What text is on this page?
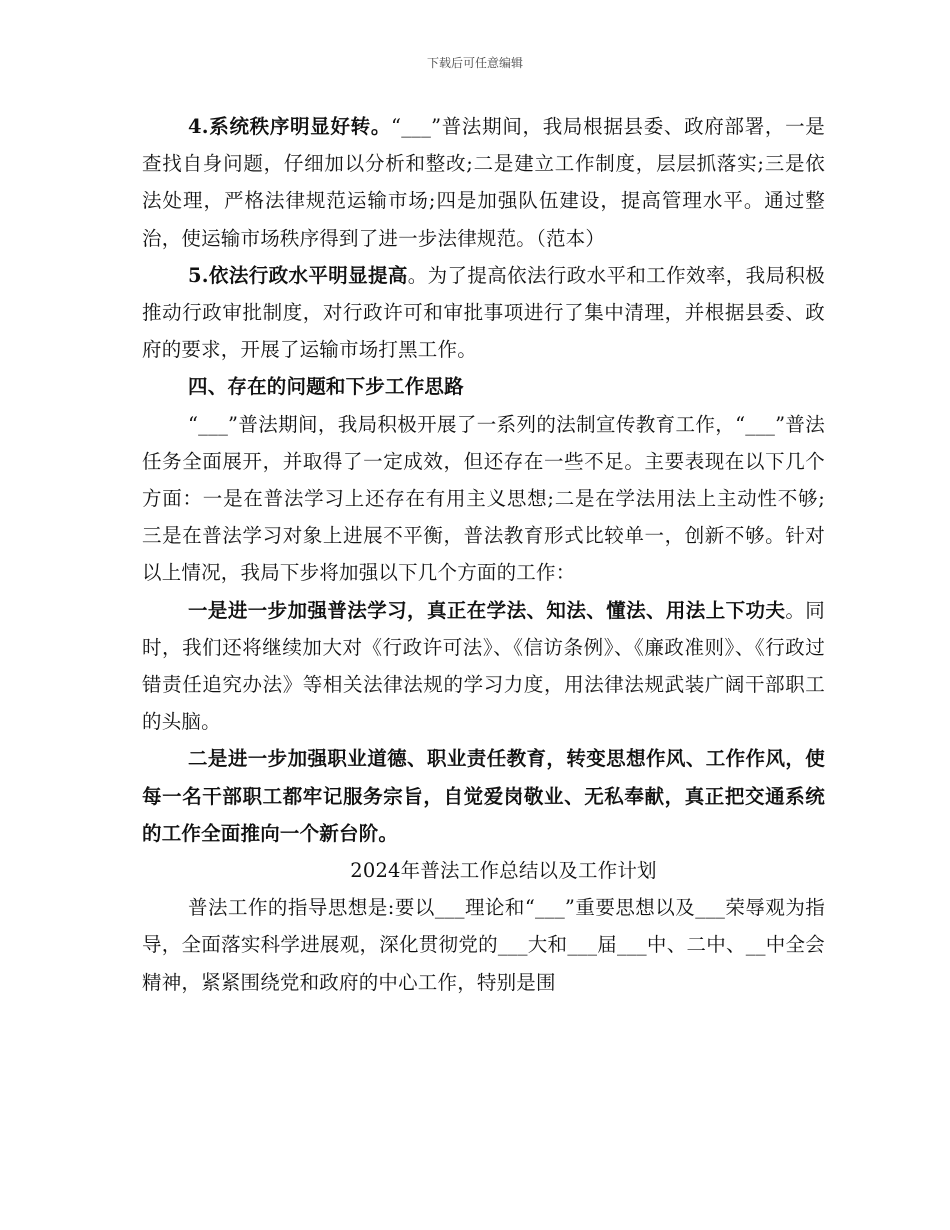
下载后可任意编辑

4.系统秩序明显好转。“___”普法期间，我局根据县委、政府部署，一是查找自身问题，仔细加以分析和整改;二是建立工作制度，层层抓落实;三是依法处理，严格法律规范运输市场;四是加强队伍建设，提高管理水平。通过整治，使运输市场秩序得到了进一步法律规范。（范本）

5.依法行政水平明显提高。为了提高依法行政水平和工作效率，我局积极推动行政审批制度，对行政许可和审批事项进行了集中清理，并根据县委、政府的要求，开展了运输市场打黑工作。

四、存在的问题和下步工作思路

“___”普法期间，我局积极开展了一系列的法制宣传教育工作，“___”普法任务全面展开，并取得了一定成效，但还存在一些不足。主要表现在以下几个方面：一是在普法学习上还存在有用主义思想;二是在学法用法上主动性不够;三是在普法学习对象上进展不平衡，普法教育形式比较单一，创新不够。针对以上情况，我局下步将加强以下几个方面的工作：

一是进一步加强普法学习，真正在学法、知法、懂法、用法上下功夫。同时，我们还将继续加大对《行政许可法》、《信访条例》、《廉政准则》、《行政过错责任追究办法》等相关法律法规的学习力度，用法律法规武装广阔干部职工的头脑。

二是进一步加强职业道德、职业责任教育，转变思想作风、工作作风，使每一名干部职工都牢记服务宗旨，自觉爱岗敬业、无私奉献，真正把交通系统的工作全面推向一个新台阶。

2024年普法工作总结以及工作计划

普法工作的指导思想是:要以___理论和“___”重要思想以及___荣辱观为指导，全面落实科学进展观，深化贯彻党的___大和___届___中、二中、__中全会精神，紧紧围绕党和政府的中心工作，特别是围
